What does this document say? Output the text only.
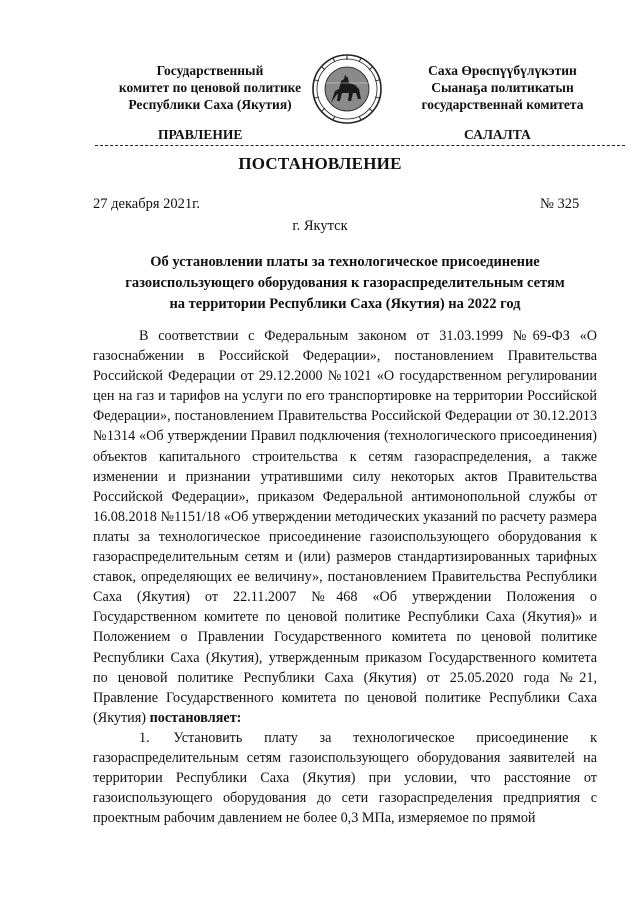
Государственный
комитет по ценовой политике
Республики Саха (Якутия)
Саха Өрөспүүбүлүкэтин
Сыанаҕа политикатын
государственнай комитета
ПРАВЛЕНИЕ	САЛАЛТА
ПОСТАНОВЛЕНИЕ
27 декабря 2021г.	№ 325
г. Якутск
Об установлении платы за технологическое присоединение
газоиспользующего оборудования к газораспределительным сетям
на территории Республики Саха (Якутия) на 2022 год

В соответствии с Федеральным законом от 31.03.1999 №69-ФЗ «О газоснабжении в Российской Федерации», постановлением Правительства Российской Федерации от 29.12.2000 №1021 «О государственном регулировании цен на газ и тарифов на услуги по его транспортировке на территории Российской Федерации», постановлением Правительства Российской Федерации от 30.12.2013 №1314 «Об утверждении Правил подключения (технологического присоединения) объектов капитального строительства к сетям газораспределения, а также изменении и признании утратившими силу некоторых актов Правительства Российской Федерации», приказом Федеральной антимонопольной службы от 16.08.2018 №1151/18 «Об утверждении методических указаний по расчету размера платы за технологическое присоединение газоиспользующего оборудования к газораспределительным сетям и (или) размеров стандартизированных тарифных ставок, определяющих ее величину», постановлением Правительства Республики Саха (Якутия) от 22.11.2007 №468 «Об утверждении Положения о Государственном комитете по ценовой политике Республики Саха (Якутия)» и Положением о Правлении Государственного комитета по ценовой политике Республики Саха (Якутия), утвержденным приказом Государственного комитета по ценовой политике Республики Саха (Якутия) от 25.05.2020 года №21, Правление Государственного комитета по ценовой политике Республики Саха (Якутия) постановляет:

1. Установить плату за технологическое присоединение к газораспределительным сетям газоиспользующего оборудования заявителей на территории Республики Саха (Якутия) при условии, что расстояние от газоиспользующего оборудования до сети газораспределения предприятия с проектным рабочим давлением не более 0,3 МПа, измеряемое по прямой
